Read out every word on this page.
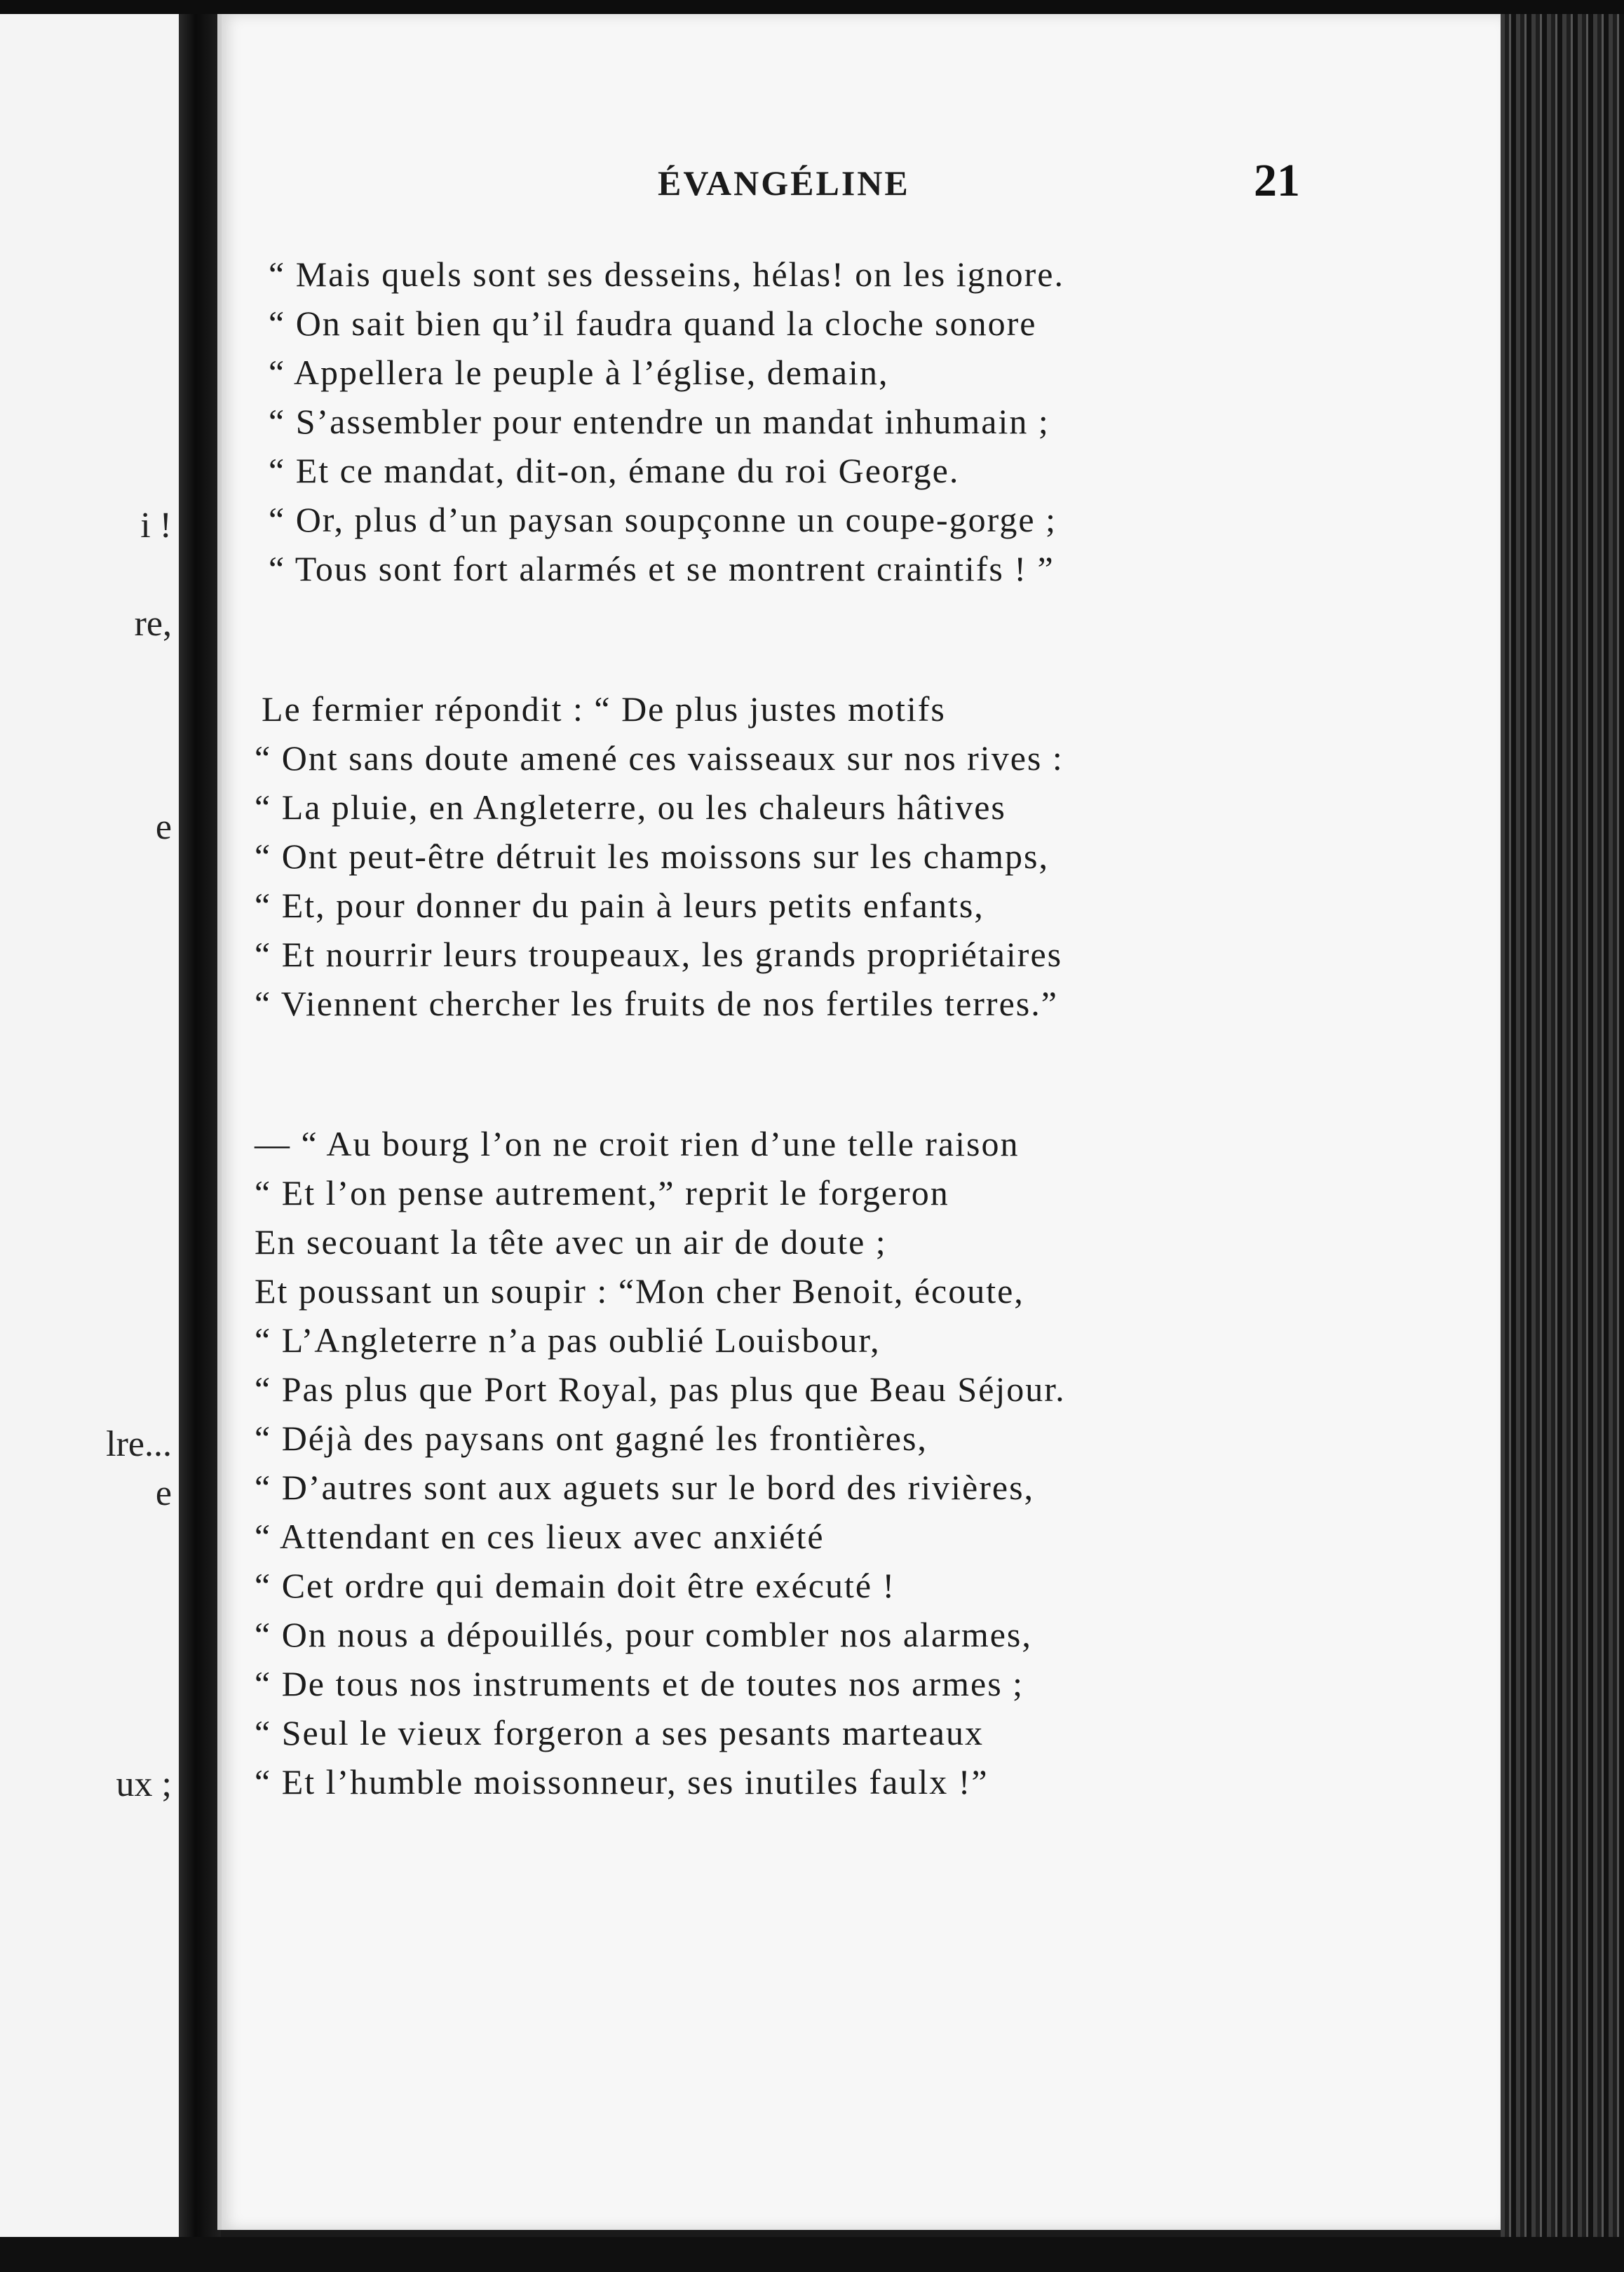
i !
re,
e
lre...
e
ux ;
ÉVANGÉLINE	21
“ Mais quels sont ses desseins, hélas! on les ignore.
“ On sait bien qu’il faudra quand la cloche sonore
“ Appellera le peuple à l’église, demain,
“ S’assembler pour entendre un mandat inhumain ;
“ Et ce mandat, dit-on, émane du roi George.
“ Or, plus d’un paysan soupçonne un coupe-gorge ;
“ Tous sont fort alarmés et se montrent craintifs ! ”
Le fermier répondit : “ De plus justes motifs
“ Ont sans doute amené ces vaisseaux sur nos rives :
“ La pluie, en Angleterre, ou les chaleurs hâtives
“ Ont peut-être détruit les moissons sur les champs,
“ Et, pour donner du pain à leurs petits enfants,
“ Et nourrir leurs troupeaux, les grands propriétaires
“ Viennent chercher les fruits de nos fertiles terres.”
— “ Au bourg l’on ne croit rien d’une telle raison
“ Et l’on pense autrement,” reprit le forgeron
En secouant la tête avec un air de doute ;
Et poussant un soupir : “Mon cher Benoit, écoute,
“ L’Angleterre n’a pas oublié Louisbour,
“ Pas plus que Port Royal, pas plus que Beau Séjour.
“ Déjà des paysans ont gagné les frontières,
“ D’autres sont aux aguets sur le bord des rivières,
“ Attendant en ces lieux avec anxiété
“ Cet ordre qui demain doit être exécuté !
“ On nous a dépouillés, pour combler nos alarmes,
“ De tous nos instruments et de toutes nos armes ;
“ Seul le vieux forgeron a ses pesants marteaux
“ Et l’humble moissonneur, ses inutiles faulx !”
